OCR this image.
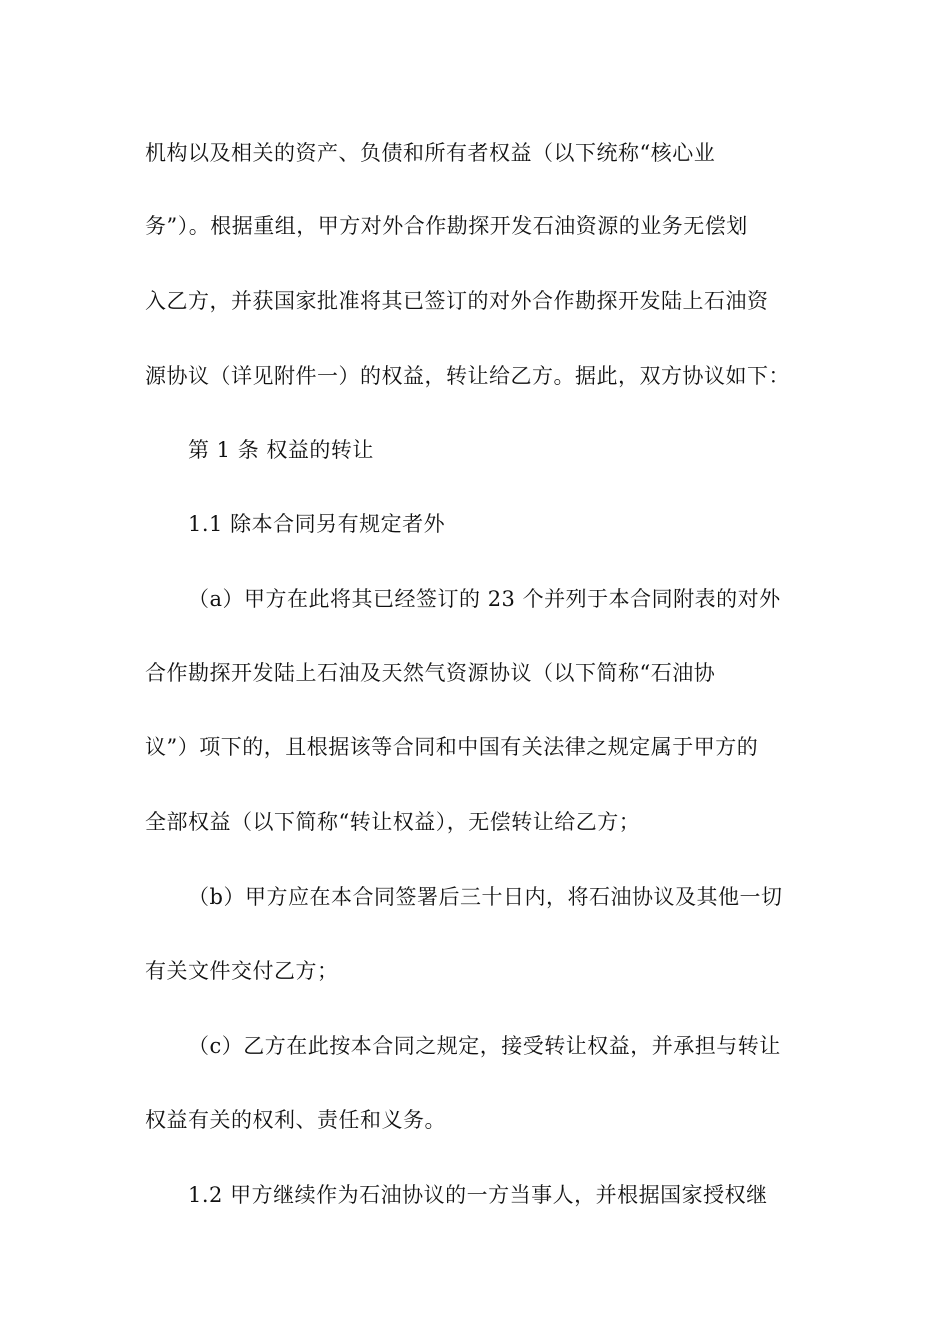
机构以及相关的资产、负债和所有者权益（以下统称“核心业
务”）。根据重组，甲方对外合作勘探开发石油资源的业务无偿划
入乙方，并获国家批准将其已签订的对外合作勘探开发陆上石油资
源协议（详见附件一）的权益，转让给乙方。据此，双方协议如下：
第 1 条 权益的转让
1.1 除本合同另有规定者外
（a）甲方在此将其已经签订的 23 个并列于本合同附表的对外
合作勘探开发陆上石油及天然气资源协议（以下简称“石油协
议”）项下的，且根据该等合同和中国有关法律之规定属于甲方的
全部权益（以下简称“转让权益），无偿转让给乙方；
（b）甲方应在本合同签署后三十日内，将石油协议及其他一切
有关文件交付乙方；
（c）乙方在此按本合同之规定，接受转让权益，并承担与转让
权益有关的权利、责任和义务。
1.2 甲方继续作为石油协议的一方当事人，并根据国家授权继
